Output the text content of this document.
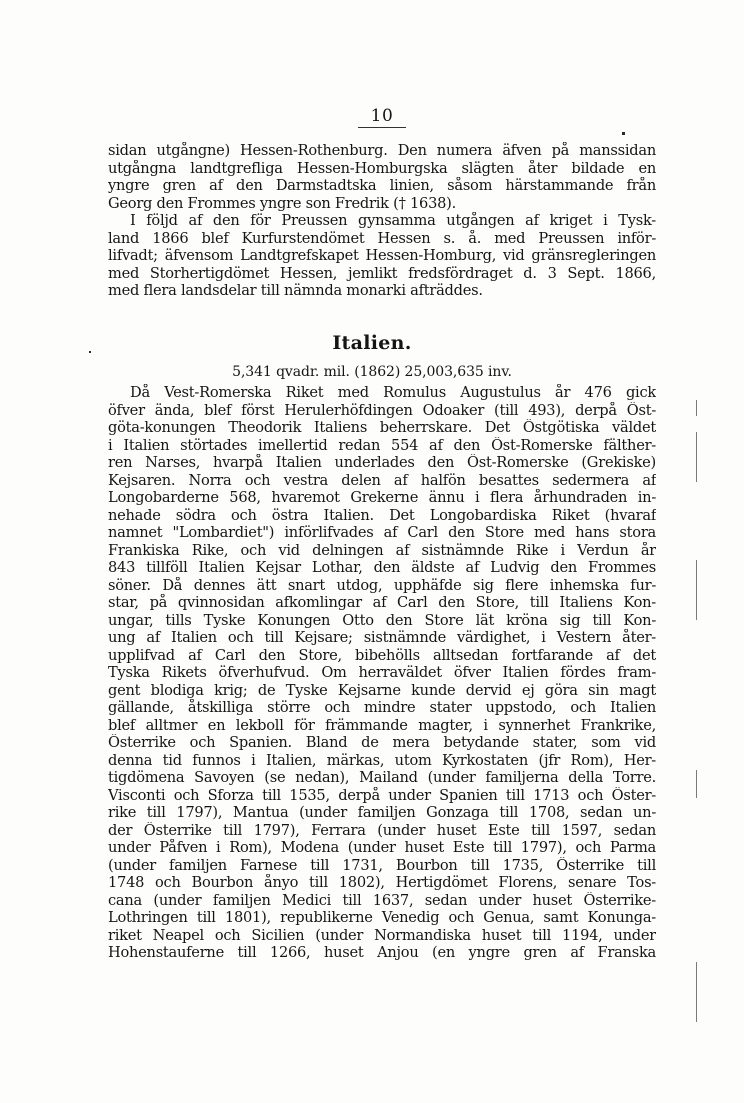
10
sidan utgångne) Hessen-Rothenburg. Den numera äfven på manssidan
utgångna landtgrefliga Hessen-Homburgska slägten åter bildade en
yngre gren af den Darmstadtska linien, såsom härstammande från
Georg den Frommes yngre son Fredrik († 1638).
I följd af den för Preussen gynsamma utgången af kriget i Tysk-
land 1866 blef Kurfurstendömet Hessen s. å. med Preussen inför-
lifvadt; äfvensom Landtgrefskapet Hessen-Homburg, vid gränsregleringen
med Storhertigdömet Hessen, jemlikt fredsfördraget d. 3 Sept. 1866,
med flera landsdelar till nämnda monarki afträddes.
Italien.
5,341 qvadr. mil. (1862) 25,003,635 inv.
Då Vest-Romerska Riket med Romulus Augustulus år 476 gick
öfver ända, blef först Herulerhöfdingen Odoaker (till 493), derpå Öst-
göta-konungen Theodorik Italiens beherrskare. Det Östgötiska väldet
i Italien störtades imellertid redan 554 af den Öst-Romerske fälther-
ren Narses, hvarpå Italien underlades den Öst-Romerske (Grekiske)
Kejsaren. Norra och vestra delen af halfön besattes sedermera af
Longobarderne 568, hvaremot Grekerne ännu i flera århundraden in-
nehade södra och östra Italien. Det Longobardiska Riket (hvaraf
namnet "Lombardiet") införlifvades af Carl den Store med hans stora
Frankiska Rike, och vid delningen af sistnämnde Rike i Verdun år
843 tillföll Italien Kejsar Lothar, den äldste af Ludvig den Frommes
söner. Då dennes ätt snart utdog, upphäfde sig flere inhemska fur-
star, på qvinnosidan afkomlingar af Carl den Store, till Italiens Kon-
ungar, tills Tyske Konungen Otto den Store lät kröna sig till Kon-
ung af Italien och till Kejsare; sistnämnde värdighet, i Vestern åter-
upplifvad af Carl den Store, bibehölls alltsedan fortfarande af det
Tyska Rikets öfverhufvud. Om herraväldet öfver Italien fördes fram-
gent blodiga krig; de Tyske Kejsarne kunde dervid ej göra sin magt
gällande, åtskilliga större och mindre stater uppstodo, och Italien
blef alltmer en lekboll för främmande magter, i synnerhet Frankrike,
Österrike och Spanien. Bland de mera betydande stater, som vid
denna tid funnos i Italien, märkas, utom Kyrkostaten (jfr Rom), Her-
tigdömena Savoyen (se nedan), Mailand (under familjerna della Torre.
Visconti och Sforza till 1535, derpå under Spanien till 1713 och Öster-
rike till 1797), Mantua (under familjen Gonzaga till 1708, sedan un-
der Österrike till 1797), Ferrara (under huset Este till 1597, sedan
under Påfven i Rom), Modena (under huset Este till 1797), och Parma
(under familjen Farnese till 1731, Bourbon till 1735, Österrike till
1748 och Bourbon ånyo till 1802), Hertigdömet Florens, senare Tos-
cana (under familjen Medici till 1637, sedan under huset Österrike-
Lothringen till 1801), republikerne Venedig och Genua, samt Konunga-
riket Neapel och Sicilien (under Normandiska huset till 1194, under
Hohenstauferne till 1266, huset Anjou (en yngre gren af Franska
